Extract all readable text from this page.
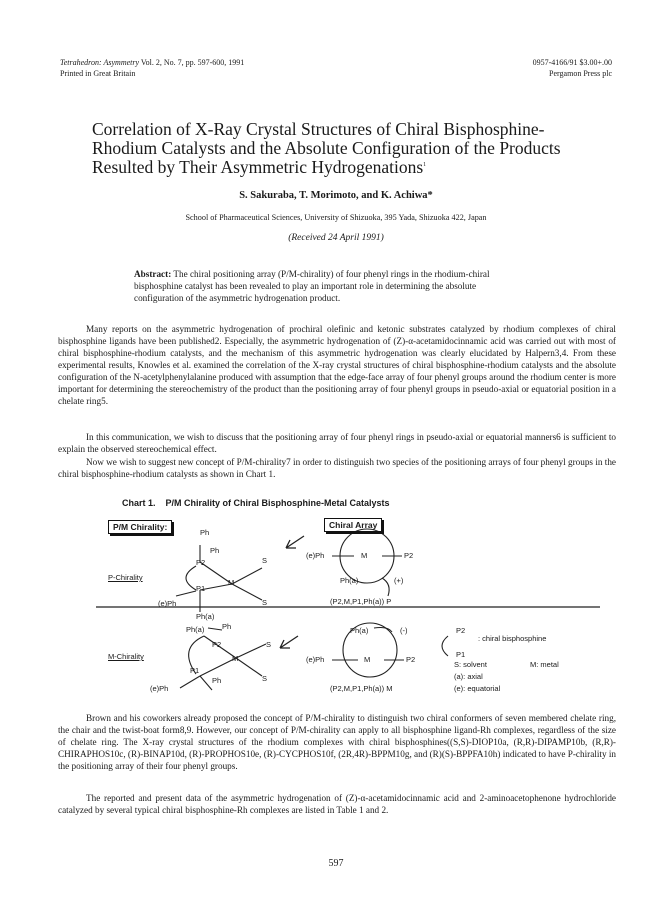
Tetrahedron: Asymmetry Vol. 2, No. 7, pp. 597-600, 1991
Printed in Great Britain
0957-4166/91 $3.00+.00
Pergamon Press plc
Correlation of X-Ray Crystal Structures of Chiral Bisphosphine-Rhodium Catalysts and the Absolute Configuration of the Products Resulted by Their Asymmetric Hydrogenations$^1$
S. Sakuraba, T. Morimoto, and K. Achiwa*
School of Pharmaceutical Sciences, University of Shizuoka, 395 Yada, Shizuoka 422, Japan
(Received 24 April 1991)
Abstract: The chiral positioning array (P/M-chirality) of four phenyl rings in the rhodium-chiral bisphosphine catalyst has been revealed to play an important role in determining the absolute configuration of the asymmetric hydrogenation product.
Many reports on the asymmetric hydrogenation of prochiral olefinic and ketonic substrates catalyzed by rhodium complexes of chiral bisphosphine ligands have been published2. Especially, the asymmetric hydrogenation of (Z)-α-acetamidocinnamic acid was carried out with most of chiral bisphosphine-rhodium catalysts, and the mechanism of this asymmetric hydrogenation was clearly elucidated by Halpern3,4. From these experimental results, Knowles et al. examined the correlation of the X-ray crystal structures of chiral bisphosphine-rhodium catalysts and the absolute configuration of the N-acetylphenylalanine produced with assumption that the edge-face array of four phenyl groups around the rhodium center is more important for determining the stereochemistry of the product than the positioning array of four phenyl groups in pseudo-axial or equatorial position in a chelate ring5.
In this communication, we wish to discuss that the positioning array of four phenyl rings in pseudo-axial or equatorial manners6 is sufficient to explain the observed stereochemical effect.
Now we wish to suggest new concept of P/M-chirality7 in order to distinguish two species of the positioning arrays of four phenyl groups in the chiral bisphosphine-rhodium catalysts as shown in Chart 1.
Chart 1.    P/M Chirality of Chiral Bisphosphine-Metal Catalysts
P/M Chirality:	Chiral Array
Ph
Ph
P2	S
M
S
P1
(e)Ph
Ph(a)
P-Chirality
(e)Ph	M	P2
Ph(a)	(+)
(P2,M,P1,Ph(a)) P
Ph(a) Ph
P2	S
M
S
P1
Ph
(e)Ph
M-Chirality
Ph(a)	(-)
(e)Ph	M	P2
(P2,M,P1,Ph(a)) M
P2
P1
: chiral bisphosphine
S: solvent	M: metal
(a): axial
(e): equatorial
Brown and his coworkers already proposed the concept of P/M-chirality to distinguish two chiral conformers of seven membered chelate ring, the chair and the twist-boat form8,9. However, our concept of P/M-chirality can apply to all bisphosphine ligand-Rh complexes, regardless of the size of chelate ring. The X-ray crystal structures of the rhodium complexes with chiral bisphosphines((S,S)-DIOP10a, (R,R)-DIPAMP10b, (R,R)-CHIRAPHOS10c, (R)-BINAP10d, (R)-PROPHOS10e, (R)-CYCPHOS10f, (2R,4R)-BPPM10g, and (R)(S)-BPPFA10h) indicated to have P-chirality in the positioning array of their four phenyl groups.
The reported and present data of the asymmetric hydrogenation of (Z)-α-acetamidocinnamic acid and 2-aminoacetophenone hydrochloride catalyzed by several typical chiral bisphosphine-Rh complexes are listed in Table 1 and 2.
597
